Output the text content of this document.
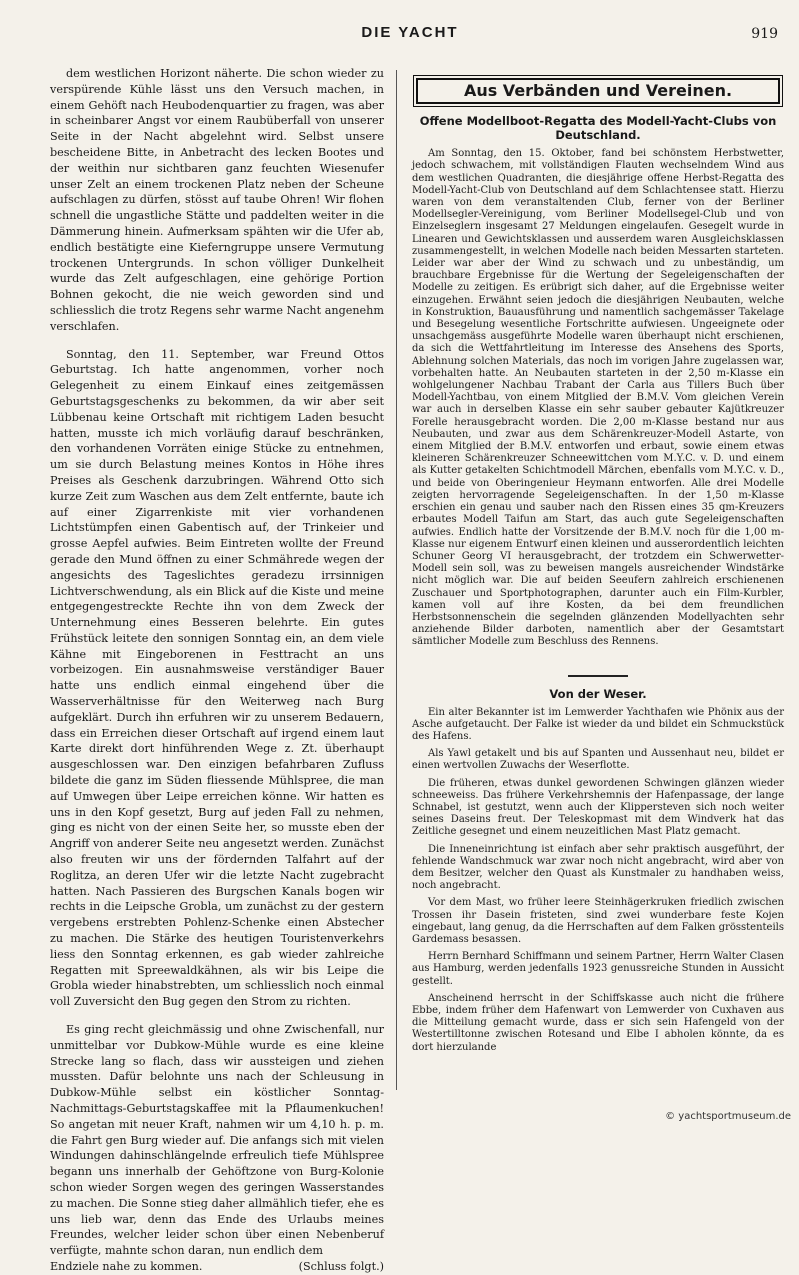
DIE YACHT	919

dem westlichen Horizont näherte. Die schon wieder zu verspürende Kühle lässt uns den Versuch machen, in einem Gehöft nach Heubodenquartier zu fragen, was aber in scheinbarer Angst vor einem Raubüberfall von unserer Seite in der Nacht abgelehnt wird. Selbst unsere bescheidene Bitte, in Anbetracht des lecken Bootes und der weithin nur sichtbaren ganz feuchten Wiesenufer unser Zelt an einem trockenen Platz neben der Scheune aufschlagen zu dürfen, stösst auf taube Ohren! Wir flohen schnell die ungastliche Stätte und paddelten weiter in die Dämmerung hinein. Aufmerksam spähten wir die Ufer ab, endlich bestätigte eine Kieferngruppe unsere Vermutung trockenen Untergrunds. In schon völliger Dunkelheit wurde das Zelt aufgeschlagen, eine gehörige Portion Bohnen gekocht, die nie weich geworden sind und schliesslich die trotz Regens sehr warme Nacht angenehm verschlafen.

Sonntag, den 11. September, war Freund Ottos Geburtstag. Ich hatte angenommen, vorher noch Gelegenheit zu einem Einkauf eines zeitgemässen Geburtstagsgeschenks zu bekommen, da wir aber seit Lübbenau keine Ortschaft mit richtigem Laden besucht hatten, musste ich mich vorläufig darauf beschränken, den vorhandenen Vorräten einige Stücke zu entnehmen, um sie durch Belastung meines Kontos in Höhe ihres Preises als Geschenk darzubringen. Während Otto sich kurze Zeit zum Waschen aus dem Zelt entfernte, baute ich auf einer Zigarrenkiste mit vier vorhandenen Lichtstümpfen einen Gabentisch auf, der Trinkeier und grosse Aepfel aufwies. Beim Eintreten wollte der Freund gerade den Mund öffnen zu einer Schmährede wegen der angesichts des Tageslichtes geradezu irrsinnigen Lichtverschwendung, als ein Blick auf die Kiste und meine entgegengestreckte Rechte ihn von dem Zweck der Unternehmung eines Besseren belehrte. Ein gutes Frühstück leitete den sonnigen Sonntag ein, an dem viele Kähne mit Eingeborenen in Festtracht an uns vorbeizogen. Ein ausnahmsweise verständiger Bauer hatte uns endlich einmal eingehend über die Wasserverhältnisse für den Weiterweg nach Burg aufgeklärt. Durch ihn erfuhren wir zu unserem Bedauern, dass ein Erreichen dieser Ortschaft auf irgend einem laut Karte direkt dort hinführenden Wege z. Zt. überhaupt ausgeschlossen war. Den einzigen befahrbaren Zufluss bildete die ganz im Süden fliessende Mühlspree, die man auf Umwegen über Leipe erreichen könne. Wir hatten es uns in den Kopf gesetzt, Burg auf jeden Fall zu nehmen, ging es nicht von der einen Seite her, so musste eben der Angriff von anderer Seite neu angesetzt werden. Zunächst also freuten wir uns der fördernden Talfahrt auf der Roglitza, an deren Ufer wir die letzte Nacht zugebracht hatten. Nach Passieren des Burgschen Kanals bogen wir rechts in die Leipsche Grobla, um zunächst zu der gestern vergebens erstrebten Pohlenz-Schenke einen Abstecher zu machen. Die Stärke des heutigen Touristenverkehrs liess den Sonntag erkennen, es gab wieder zahlreiche Regatten mit Spreewaldkähnen, als wir bis Leipe die Grobla wieder hinabstrebten, um schliesslich noch einmal voll Zuversicht den Bug gegen den Strom zu richten.

Es ging recht gleichmässig und ohne Zwischenfall, nur unmittelbar vor Dubkow-Mühle wurde es eine kleine Strecke lang so flach, dass wir aussteigen und ziehen mussten. Dafür belohnte uns nach der Schleusung in Dubkow-Mühle selbst ein köstlicher Sonntag-Nachmittags-Geburtstagskaffee mit la Pflaumenkuchen! So angetan mit neuer Kraft, nahmen wir um 4,10 h. p. m. die Fahrt gen Burg wieder auf. Die anfangs sich mit vielen Windungen dahinschlängelnde erfreulich tiefe Mühlspree begann uns innerhalb der Gehöftzone von Burg-Kolonie schon wieder Sorgen wegen des geringen Wasserstandes zu machen. Die Sonne stieg daher allmählich tiefer, ehe es uns lieb war, denn das Ende des Urlaubs meines Freundes, welcher leider schon über einen Nebenberuf verfügte, mahnte schon daran, nun endlich dem

Endziele nahe zu kommen.	(Schluss folgt.)
Aus Verbänden und Vereinen.
Offene Modellboot-Regatta des Modell-Yacht-Clubs von Deutschland.

Am Sonntag, den 15. Oktober, fand bei schönstem Herbstwetter, jedoch schwachem, mit vollständigen Flauten wechselndem Wind aus dem westlichen Quadranten, die diesjährige offene Herbst-Regatta des Modell-Yacht-Club von Deutschland auf dem Schlachtensee statt. Hierzu waren von dem veranstaltenden Club, ferner von der Berliner Modellsegler-Vereinigung, vom Berliner Modellsegel-Club und von Einzelseglern insgesamt 27 Meldungen eingelaufen. Gesegelt wurde in Linearen und Gewichtsklassen und ausserdem waren Ausgleichsklassen zusammengestellt, in welchen Modelle nach beiden Messarten starteten. Leider war aber der Wind zu schwach und zu unbeständig, um brauchbare Ergebnisse für die Wertung der Segeleigenschaften der Modelle zu zeitigen. Es erübrigt sich daher, auf die Ergebnisse weiter einzugehen. Erwähnt seien jedoch die diesjährigen Neubauten, welche in Konstruktion, Bauausführung und namentlich sachgemässer Takelage und Besegelung wesentliche Fortschritte aufwiesen. Ungeeignete oder unsachgemäss ausgeführte Modelle waren überhaupt nicht erschienen, da sich die Wettfahrtleitung im Interesse des Ansehens des Sports, Ablehnung solchen Materials, das noch im vorigen Jahre zugelassen war, vorbehalten hatte. An Neubauten starteten in der 2,50 m-Klasse ein wohlgelungener Nachbau Trabant der Carla aus Tillers Buch über Modell-Yachtbau, von einem Mitglied der B.M.V. Vom gleichen Verein war auch in derselben Klasse ein sehr sauber gebauter Kajütkreuzer Forelle herausgebracht worden. Die 2,00 m-Klasse bestand nur aus Neubauten, und zwar aus dem Schärenkreuzer-Modell Astarte, von einem Mitglied der B.M.V. entworfen und erbaut, sowie einem etwas kleineren Schärenkreuzer Schneewittchen vom M.Y.C. v. D. und einem als Kutter getakelten Schichtmodell Märchen, ebenfalls vom M.Y.C. v. D., und beide von Oberingenieur Heymann entworfen. Alle drei Modelle zeigten hervorragende Segeleigenschaften. In der 1,50 m-Klasse erschien ein genau und sauber nach den Rissen eines 35 qm-Kreuzers erbautes Modell Taifun am Start, das auch gute Segeleigenschaften aufwies. Endlich hatte der Vorsitzende der B.M.V. noch für die 1,00 m-Klasse nur eigenem Entwurf einen kleinen und ausserordentlich leichten Schuner Georg VI herausgebracht, der trotzdem ein Schwerwetter-Modell sein soll, was zu beweisen mangels ausreichender Windstärke nicht möglich war. Die auf beiden Seeufern zahlreich erschienenen Zuschauer und Sportphotographen, darunter auch ein Film-Kurbler, kamen voll auf ihre Kosten, da bei dem freundlichen Herbstsonnenschein die segelnden glänzenden Modellyachten sehr anziehende Bilder darboten, namentlich aber der Gesamtstart sämtlicher Modelle zum Beschluss des Rennens.

Von der Weser.

Ein alter Bekannter ist im Lemwerder Yachthafen wie Phönix aus der Asche aufgetaucht. Der Falke ist wieder da und bildet ein Schmuckstück des Hafens.

Als Yawl getakelt und bis auf Spanten und Aussenhaut neu, bildet er einen wertvollen Zuwachs der Weserflotte.

Die früheren, etwas dunkel gewordenen Schwingen glänzen wieder schneeweiss. Das frühere Verkehrshemnis der Hafenpassage, der lange Schnabel, ist gestutzt, wenn auch der Klippersteven sich noch weiter seines Daseins freut. Der Teleskopmast mit dem Windverk hat das Zeitliche gesegnet und einem neuzeitlichen Mast Platz gemacht.

Die Inneneinrichtung ist einfach aber sehr praktisch ausgeführt, der fehlende Wandschmuck war zwar noch nicht angebracht, wird aber von dem Besitzer, welcher den Quast als Kunstmaler zu handhaben weiss, noch angebracht.

Vor dem Mast, wo früher leere Steinhägerkruken friedlich zwischen Trossen ihr Dasein fristeten, sind zwei wunderbare feste Kojen eingebaut, lang genug, da die Herrschaften auf dem Falken grösstenteils Gardemass besassen.

Herrn Bernhard Schiffmann und seinem Partner, Herrn Walter Clasen aus Hamburg, werden jedenfalls 1923 genussreiche Stunden in Aussicht gestellt.

Anscheinend herrscht in der Schiffskasse auch nicht die frühere Ebbe, indem früher dem Hafenwart von Lemwerder von Cuxhaven aus die Mitteilung gemacht wurde, dass er sich sein Hafengeld von der Westertilltonne zwischen Rotesand und Elbe I abholen könnte, da es dort hierzulande

© yachtsportmuseum.de
